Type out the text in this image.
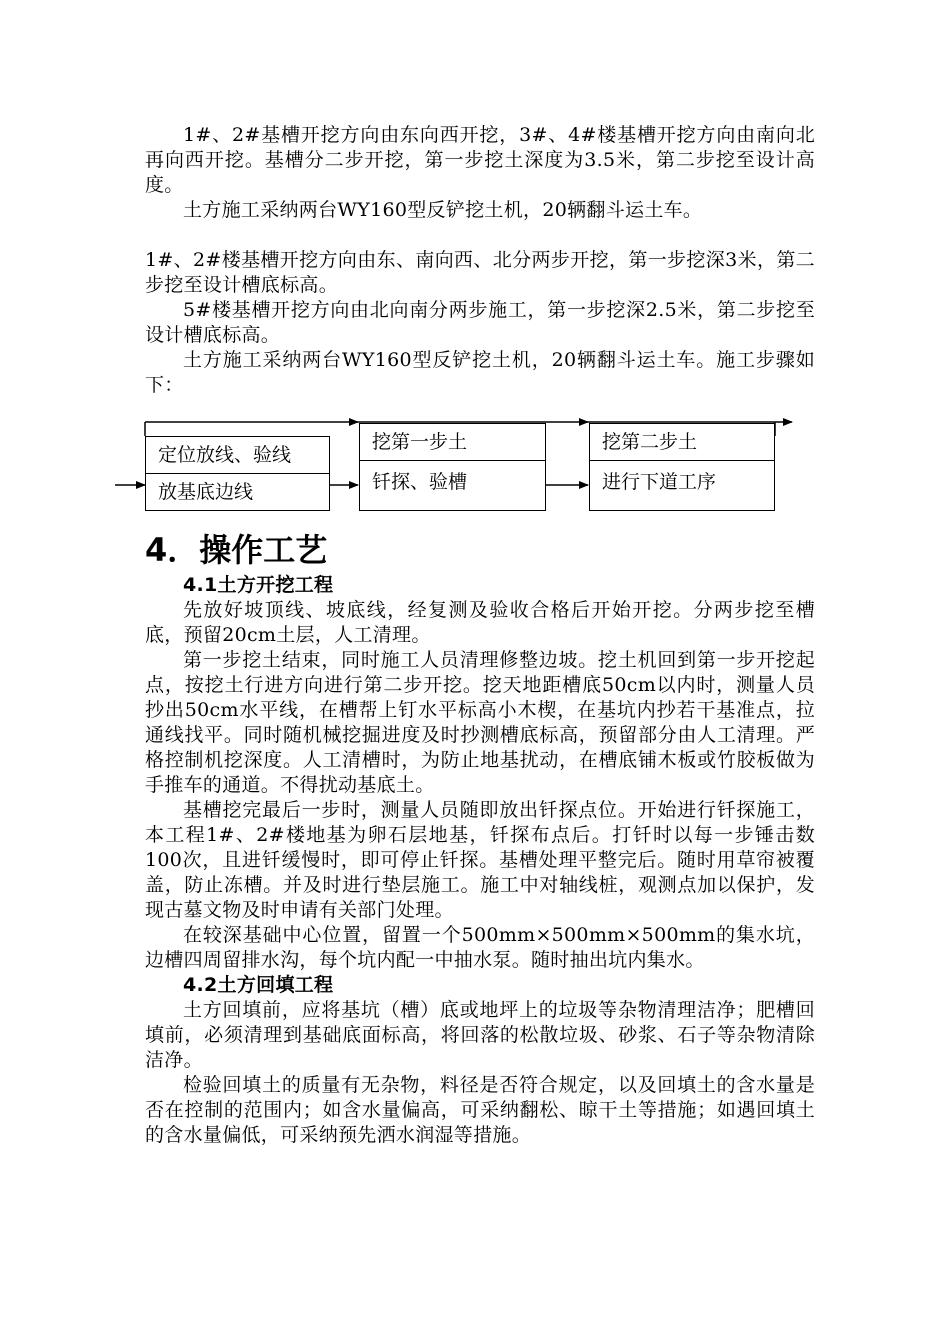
1#、2#基槽开挖方向由东向西开挖，3#、4#楼基槽开挖方向由南向北再向西开挖。基槽分二步开挖，第一步挖土深度为3.5米，第二步挖至设计高度。

土方施工采纳两台WY160型反铲挖土机，20辆翻斗运土车。

1#、2#楼基槽开挖方向由东、南向西、北分两步开挖，第一步挖深3米，第二步挖至设计槽底标高。

5#楼基槽开挖方向由北向南分两步施工，第一步挖深2.5米，第二步挖至设计槽底标高。

土方施工采纳两台WY160型反铲挖土机，20辆翻斗运土车。施工步骤如下：

定位放线、验线
放基底边线
挖第一步土
钎探、验槽
挖第二步土
进行下道工序
4．操作工艺

4.1土方开挖工程

先放好坡顶线、坡底线，经复测及验收合格后开始开挖。分两步挖至槽底，预留20cm土层，人工清理。

第一步挖土结束，同时施工人员清理修整边坡。挖土机回到第一步开挖起点，按挖土行进方向进行第二步开挖。挖天地距槽底50cm以内时，测量人员抄出50cm水平线，在槽帮上钉水平标高小木楔，在基坑内抄若干基准点，拉通线找平。同时随机械挖掘进度及时抄测槽底标高，预留部分由人工清理。严格控制机挖深度。人工清槽时，为防止地基扰动，在槽底铺木板或竹胶板做为手推车的通道。不得扰动基底土。

基槽挖完最后一步时，测量人员随即放出钎探点位。开始进行钎探施工，本工程1#、2#楼地基为卵石层地基，钎探布点后。打钎时以每一步锤击数100次，且进钎缓慢时，即可停止钎探。基槽处理平整完后。随时用草帘被覆盖，防止冻槽。并及时进行垫层施工。施工中对轴线桩，观测点加以保护，发现古墓文物及时申请有关部门处理。

在较深基础中心位置，留置一个500mm×500mm×500mm的集水坑，边槽四周留排水沟，每个坑内配一中抽水泵。随时抽出坑内集水。

4.2土方回填工程

土方回填前，应将基坑（槽）底或地坪上的垃圾等杂物清理洁净；肥槽回填前，必须清理到基础底面标高，将回落的松散垃圾、砂浆、石子等杂物清除洁净。

检验回填土的质量有无杂物，料径是否符合规定，以及回填土的含水量是否在控制的范围内；如含水量偏高，可采纳翻松、晾干土等措施；如遇回填土的含水量偏低，可采纳预先洒水润湿等措施。
